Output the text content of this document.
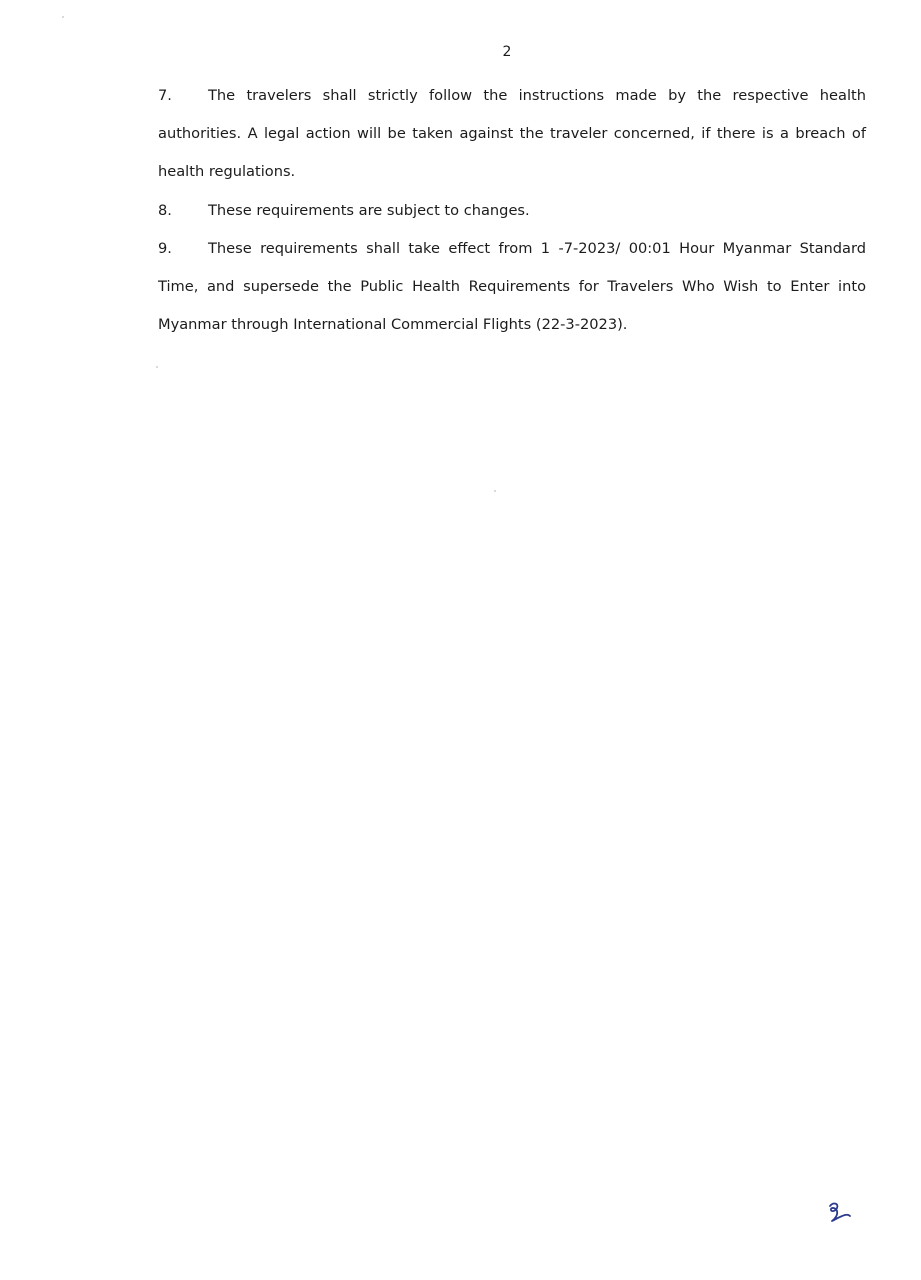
2
7. The travelers shall strictly follow the instructions made by the respective health authorities. A legal action will be taken against the traveler concerned, if there is a breach of health regulations.
8. These requirements are subject to changes.
9. These requirements shall take effect from 1 -7-2023/ 00:01 Hour Myanmar Standard Time, and supersede the Public Health Requirements for Travelers Who Wish to Enter into Myanmar through International Commercial Flights (22-3-2023).
